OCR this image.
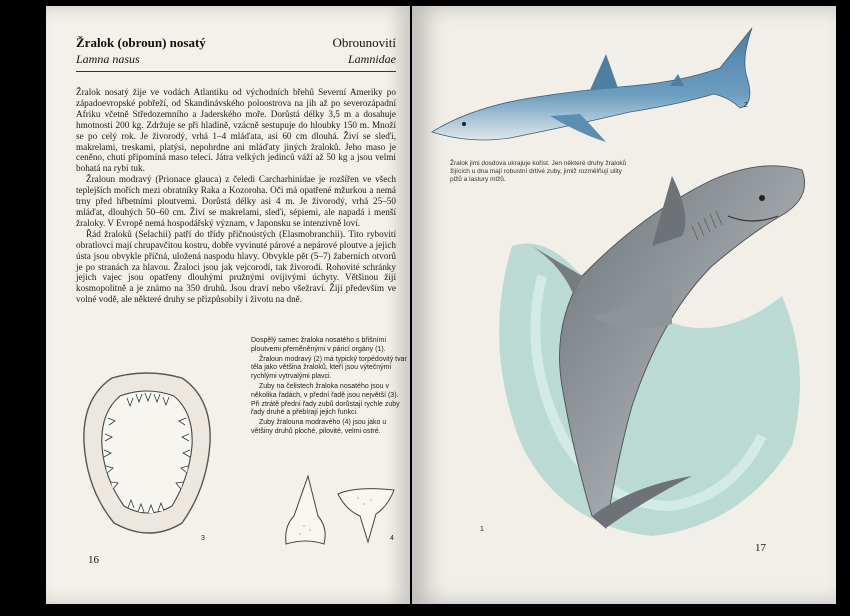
Žralok (obroun) nosatý
Lamna nasus
Obrounovití
Lamnidae

Žralok nosatý žije ve vodách Atlantiku od východních břehů Severní Ameriky po západoevropské pobřeží, od Skandinávského poloostrova na jih až po severozápadní Afriku včetně Středozemního a Jaderského moře. Dorůstá délky 3,5 m a dosahuje hmotnosti 200 kg. Zdržuje se při hladině, vzácně sestupuje do hloubky 150 m. Množí se po celý rok. Je živorodý, vrhá 1–4 mláďata, asi 60 cm dlouhá. Živí se sleďi, makrelami, treskami, platýsi, nepohrdne ani mláďaty jiných žraloků. Jeho maso je ceněno, chutí připomíná maso telecí. Játra velkých jedinců váží až 50 kg a jsou velmi bohatá na rybí tuk.

Žraloun modravý (Prionace glauca) z čeledi Carcharhinidae je rozšířen ve všech teplejších mořích mezi obratníky Raka a Kozoroha. Oči má opatřené mžurkou a nemá trny před hřbetními ploutvemi. Dorůstá délky asi 4 m. Je živorodý, vrhá 25–50 mláďat, dlouhých 50–60 cm. Živí se makrelami, sleďi, sépiemi, ale napadá i menší žraloky. V Evropě nemá hospodářský význam, v Japonsku se intenzivně loví.

Řád žraloků (Selachii) patří do třídy příčnoústých (Elasmobranchii). Tito rybovití obratlovci mají chrupavčitou kostru, dobře vyvinuté párové a nepárové ploutve a jejich ústa jsou obvykle příčná, uložená naspodu hlavy. Obvykle pět (5–7) žaberních otvorů je po stranách za hlavou. Žraloci jsou jak vejcorodí, tak živorodí. Rohovité schránky jejich vajec jsou opatřeny dlouhými pružnými ovíjivými úchyty. Většinou žijí kosmopolitně a je známo na 350 druhů. Jsou draví nebo všežraví. Žijí především ve volné vodě, ale některé druhy se přizpůsobily i životu na dně.

3	4

Dospělý samec žraloka nosatého s břišními ploutvemi přeměněnými v páricí orgány (1).

Žraloun modravý (2) má typický torpédovitý tvar těla jako většina žraloků, kteří jsou výtečnými rychlými vytrvalými plavci.

Zuby na čelistech žraloka nosatého jsou v několika řadách, v přední řadě jsou největší (3). Při ztrátě přední řady zubů dorůstají rychle zuby řady druhé a přebírají jejich funkci.

Zuby žralouna modravého (4) jsou jako u většiny druhů ploché, pilovité, velmi ostré.

16
2

Žralok jimi dosdova ukrajuje kořist. Jen některé druhy žraloků žijících u dna mají robustní drtivé zuby, jimiž rozmělňují ulity plžů a lastury mlžů.

1
17
